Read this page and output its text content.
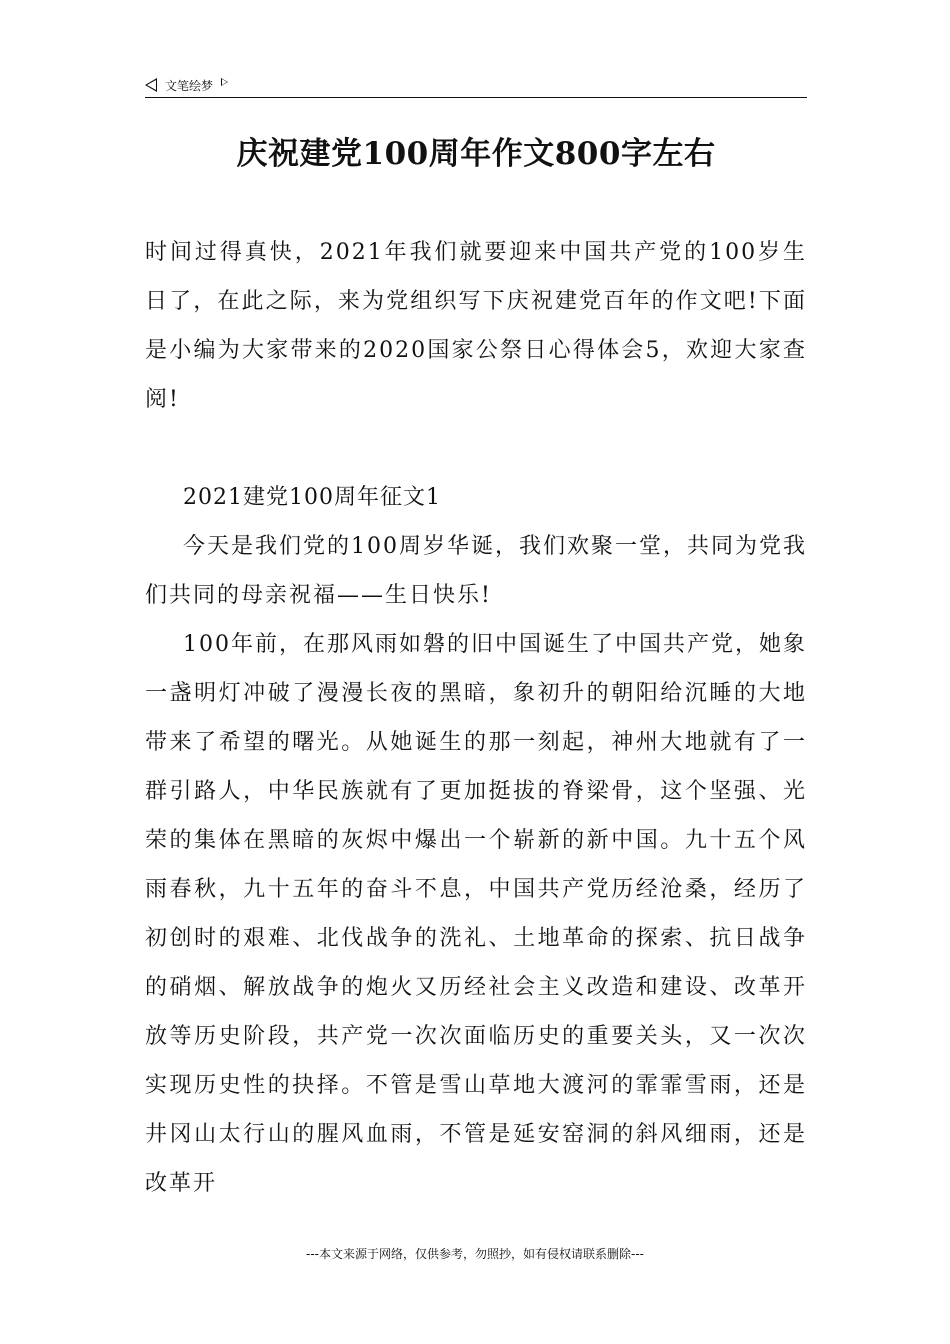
文笔绘梦
庆祝建党100周年作文800字左右

时间过得真快，2021年我们就要迎来中国共产党的100岁生日了，在此之际，来为党组织写下庆祝建党百年的作文吧!下面是小编为大家带来的2020国家公祭日心得体会5，欢迎大家查阅!

2021建党100周年征文1

今天是我们党的100周岁华诞，我们欢聚一堂，共同为党我们共同的母亲祝福——生日快乐!

100年前，在那风雨如磐的旧中国诞生了中国共产党，她象一盏明灯冲破了漫漫长夜的黑暗，象初升的朝阳给沉睡的大地带来了希望的曙光。从她诞生的那一刻起，神州大地就有了一群引路人，中华民族就有了更加挺拔的脊梁骨，这个坚强、光荣的集体在黑暗的灰烬中爆出一个崭新的新中国。九十五个风雨春秋，九十五年的奋斗不息，中国共产党历经沧桑，经历了初创时的艰难、北伐战争的洗礼、土地革命的探索、抗日战争的硝烟、解放战争的炮火又历经社会主义改造和建设、改革开放等历史阶段，共产党一次次面临历史的重要关头，又一次次实现历史性的抉择。不管是雪山草地大渡河的霏霏雪雨，还是井冈山太行山的腥风血雨，不管是延安窑洞的斜风细雨，还是改革开

---本文来源于网络，仅供参考，勿照抄，如有侵权请联系删除---
